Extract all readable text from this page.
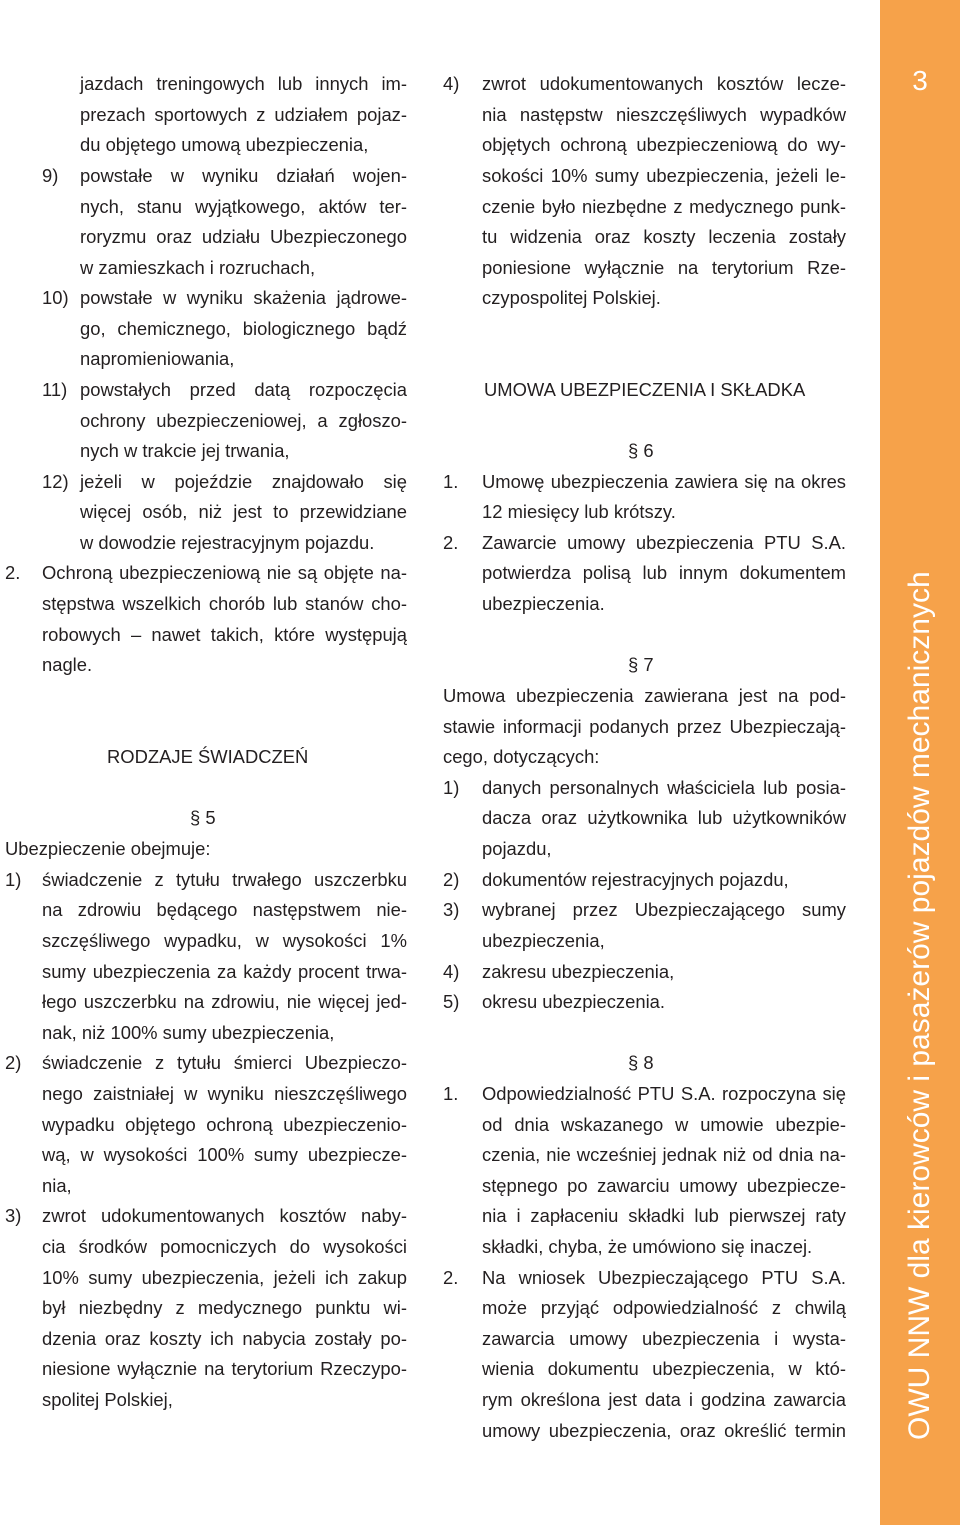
jazdach treningowych lub innych im-
prezach sportowych z udziałem pojaz-
du objętego umową ubezpieczenia,
9) powstałe w wyniku działań wojen-
nych, stanu wyjątkowego, aktów ter-
roryzmu oraz udziału Ubezpieczonego
w zamieszkach i rozruchach,
10) powstałe w wyniku skażenia jądrowe-
go, chemicznego, biologicznego bądź
napromieniowania,
11) powstałych przed datą rozpoczęcia
ochrony ubezpieczeniowej, a zgłoszo-
nych w trakcie jej trwania,
12) jeżeli w pojeździe znajdowało się
więcej osób, niż jest to przewidziane
w dowodzie rejestracyjnym pojazdu.
2. Ochroną ubezpieczeniową nie są objęte na-
stępstwa wszelkich chorób lub stanów cho-
robowych – nawet takich, które występują
nagle.
RODZAJE ŚWIADCZEŃ
§ 5
Ubezpieczenie obejmuje:
1) świadczenie z tytułu trwałego uszczerbku
na zdrowiu będącego następstwem nie-
szczęśliwego wypadku, w wysokości 1%
sumy ubezpieczenia za każdy procent trwa-
łego uszczerbku na zdrowiu, nie więcej jed-
nak, niż 100% sumy ubezpieczenia,
2) świadczenie z tytułu śmierci Ubezpieczo-
nego zaistniałej w wyniku nieszczęśliwego
wypadku objętego ochroną ubezpieczenio-
wą, w wysokości 100% sumy ubezpiecze-
nia,
3) zwrot udokumentowanych kosztów naby-
cia środków pomocniczych do wysokości
10% sumy ubezpieczenia, jeżeli ich zakup
był niezbędny z medycznego punktu wi-
dzenia oraz koszty ich nabycia zostały po-
niesione wyłącznie na terytorium Rzeczypo-
spolitej Polskiej,
4) zwrot udokumentowanych kosztów lecze-
nia następstw nieszczęśliwych wypadków
objętych ochroną ubezpieczeniową do wy-
sokości 10% sumy ubezpieczenia, jeżeli le-
czenie było niezbędne z medycznego punk-
tu widzenia oraz koszty leczenia zostały
poniesione wyłącznie na terytorium Rze-
czypospolitej Polskiej.
UMOWA UBEZPIECZENIA I SKŁADKA
§ 6
1. Umowę ubezpieczenia zawiera się na okres
12 miesięcy lub krótszy.
2. Zawarcie umowy ubezpieczenia PTU S.A.
potwierdza polisą lub innym dokumentem
ubezpieczenia.
§ 7
Umowa ubezpieczenia zawierana jest na pod-
stawie informacji podanych przez Ubezpieczają-
cego, dotyczących:
1) danych personalnych właściciela lub posia-
dacza oraz użytkownika lub użytkowników
pojazdu,
2) dokumentów rejestracyjnych pojazdu,
3) wybranej przez Ubezpieczającego sumy
ubezpieczenia,
4) zakresu ubezpieczenia,
5) okresu ubezpieczenia.
§ 8
1. Odpowiedzialność PTU S.A. rozpoczyna się
od dnia wskazanego w umowie ubezpie-
czenia, nie wcześniej jednak niż od dnia na-
stępnego po zawarciu umowy ubezpiecze-
nia i zapłaceniu składki lub pierwszej raty
składki, chyba, że umówiono się inaczej.
2. Na wniosek Ubezpieczającego PTU S.A.
może przyjąć odpowiedzialność z chwilą
zawarcia umowy ubezpieczenia i wysta-
wienia dokumentu ubezpieczenia, w któ-
rym określona jest data i godzina zawarcia
umowy ubezpieczenia, oraz określić termin
3
OWU NNW dla kierowców i pasażerów pojazdów mechanicznych
